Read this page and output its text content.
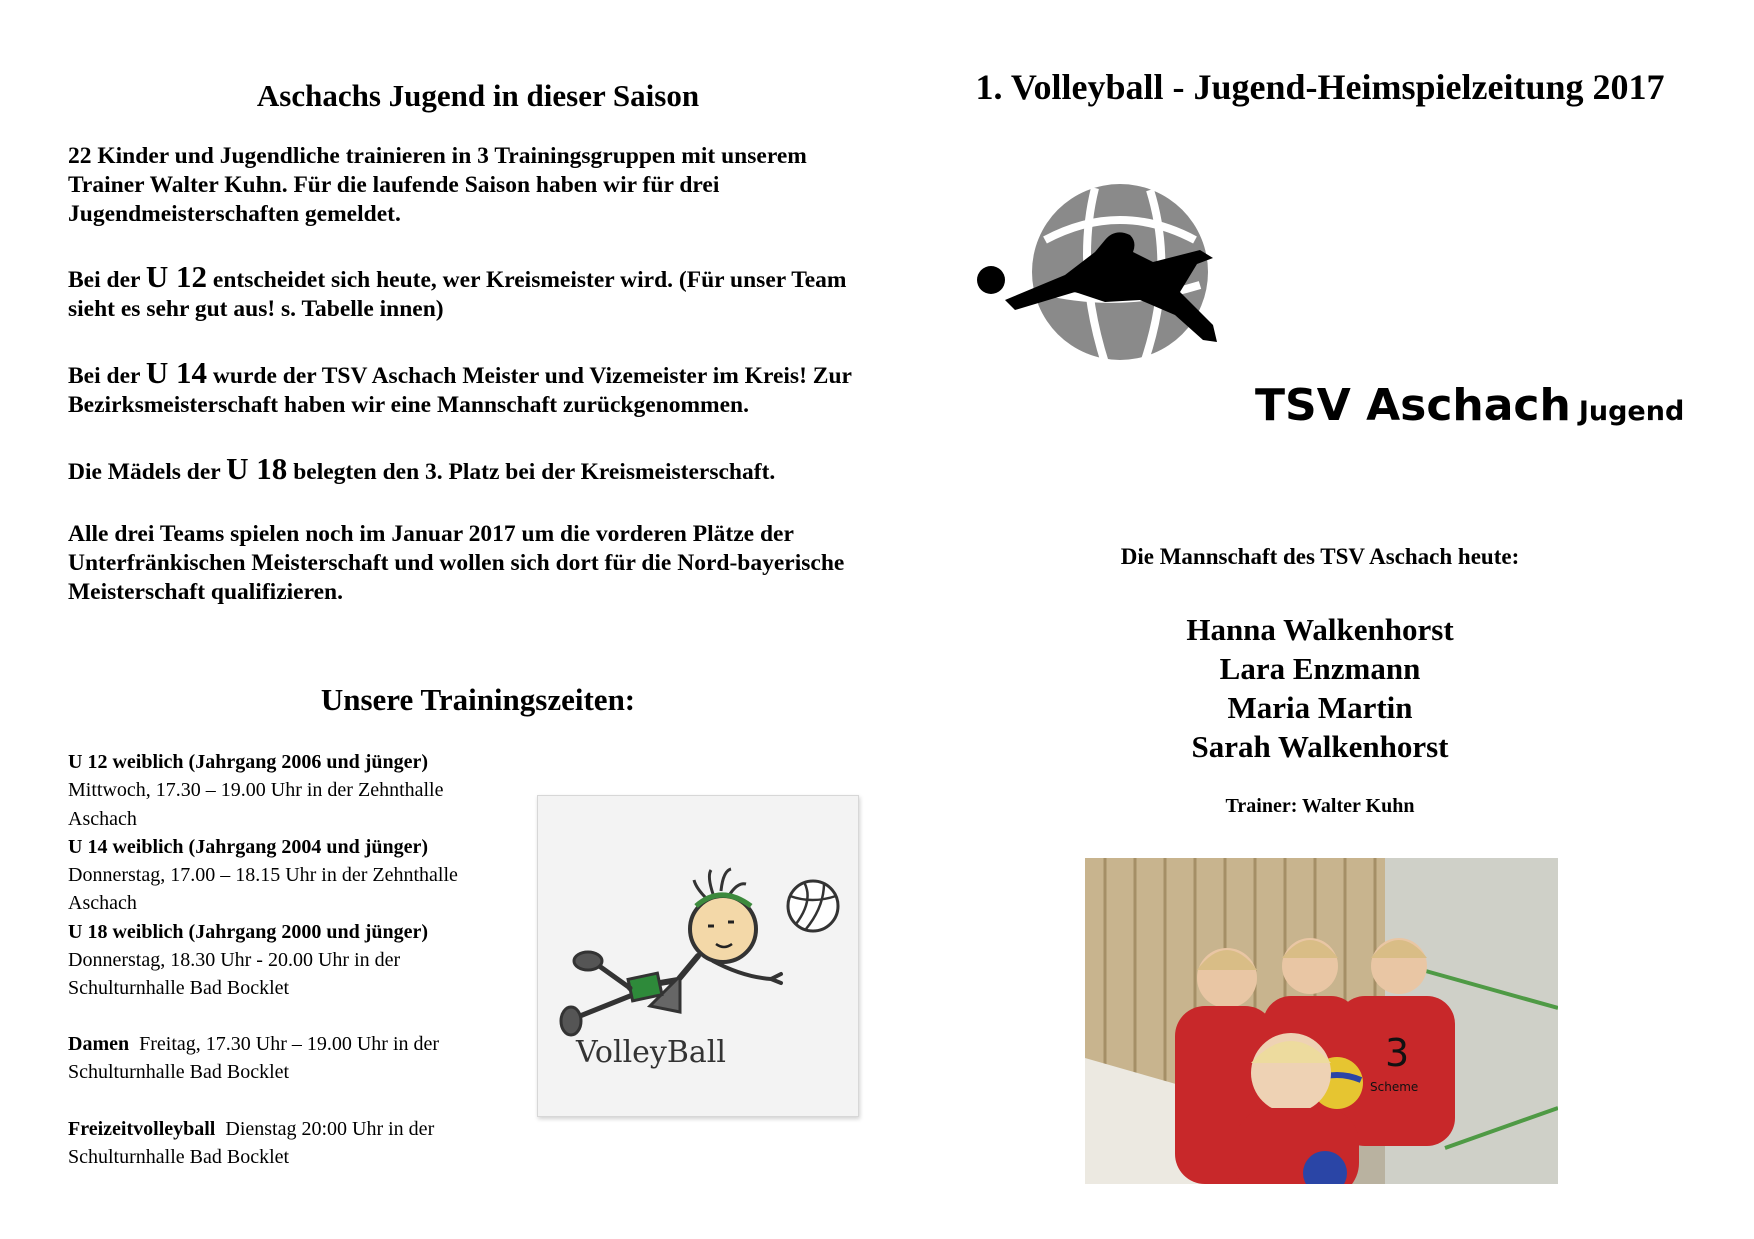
Aschachs Jugend in dieser Saison

22 Kinder und Jugendliche trainieren in 3 Trainingsgruppen mit unserem Trainer Walter Kuhn. Für die laufende Saison haben wir für drei Jugendmeisterschaften gemeldet.

Bei der U 12 entscheidet sich heute, wer Kreismeister wird. (Für unser Team sieht es sehr gut aus! s. Tabelle innen)

Bei der U 14 wurde der TSV Aschach Meister und Vizemeister im Kreis! Zur Bezirksmeisterschaft haben wir eine Mannschaft zurückgenommen.

Die Mädels der U 18 belegten den 3. Platz bei der Kreismeisterschaft.

Alle drei Teams spielen noch im Januar 2017 um die vorderen Plätze der Unterfränkischen Meisterschaft und wollen sich dort für die Nord-bayerische Meisterschaft qualifizieren.

Unsere Trainingszeiten:
U 12 weiblich (Jahrgang 2006 und jünger)
Mittwoch, 17.30 – 19.00 Uhr in der Zehnthalle Aschach
U 14 weiblich (Jahrgang 2004 und jünger)
Donnerstag, 17.00 – 18.15 Uhr in der Zehnthalle Aschach
U 18 weiblich (Jahrgang 2000 und jünger)
Donnerstag, 18.30 Uhr - 20.00 Uhr in der Schulturnhalle Bad Bocklet
Damen Freitag, 17.30 Uhr – 19.00 Uhr in der Schulturnhalle Bad Bocklet
Freizeitvolleyball Dienstag 20:00 Uhr in der Schulturnhalle Bad Bocklet
VolleyBall
1. Volleyball - Jugend-Heimspielzeitung 2017
TSV Aschach Jugend
Die Mannschaft des TSV Aschach heute:
Hanna Walkenhorst
Lara Enzmann
Maria Martin
Sarah Walkenhorst
Trainer: Walter Kuhn
3
Scheme
